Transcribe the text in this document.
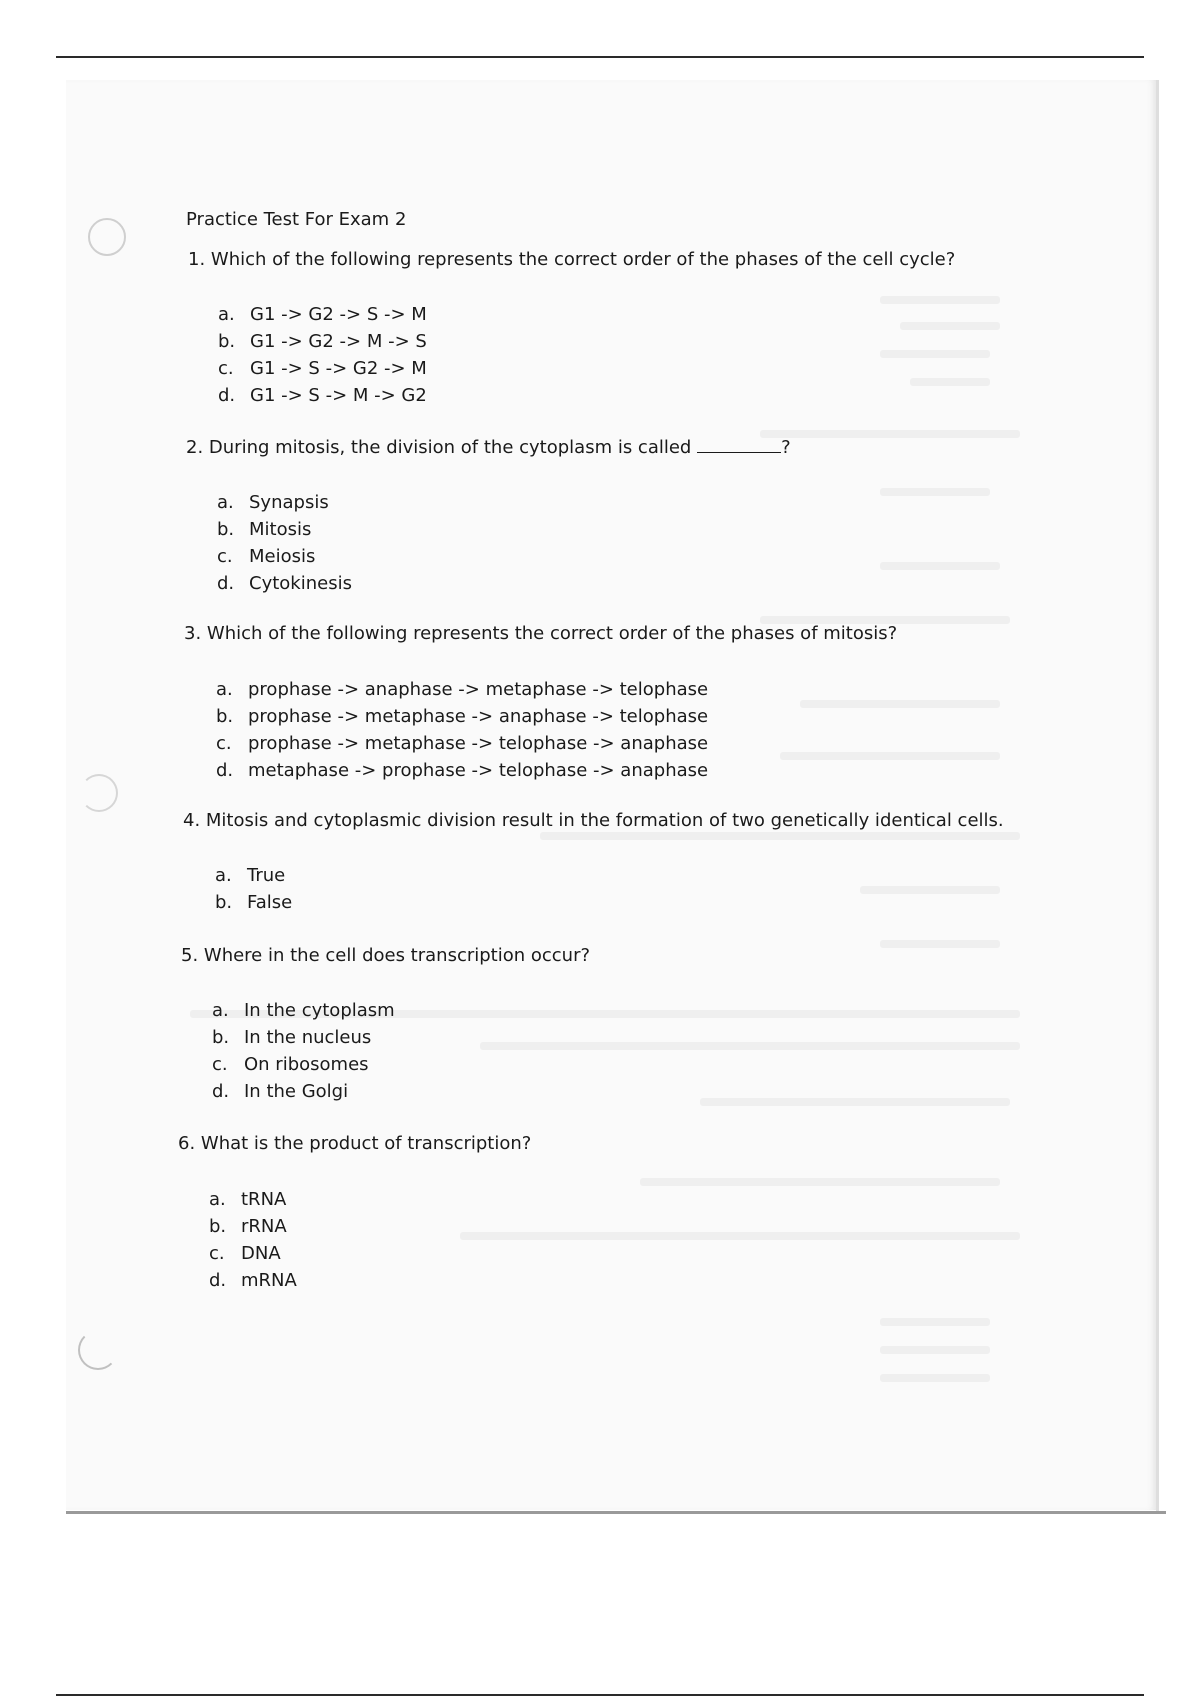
Practice Test For Exam 2
1. Which of the following represents the correct order of the phases of the cell cycle?
a. G1 -> G2 -> S -> M
b. G1 -> G2 -> M -> S
c. G1 -> S -> G2 -> M
d. G1 -> S -> M -> G2
2. During mitosis, the division of the cytoplasm is called	?
a. Synapsis
b. Mitosis
c. Meiosis
d. Cytokinesis
3. Which of the following represents the correct order of the phases of mitosis?
a. prophase -> anaphase -> metaphase -> telophase
b. prophase -> metaphase -> anaphase -> telophase
c. prophase -> metaphase -> telophase -> anaphase
d. metaphase -> prophase -> telophase -> anaphase
4. Mitosis and cytoplasmic division result in the formation of two genetically identical cells.
a. True
b. False
5. Where in the cell does transcription occur?
a. In the cytoplasm
b. In the nucleus
c. On ribosomes
d. In the Golgi
6. What is the product of transcription?
a. tRNA
b. rRNA
c. DNA
d. mRNA
